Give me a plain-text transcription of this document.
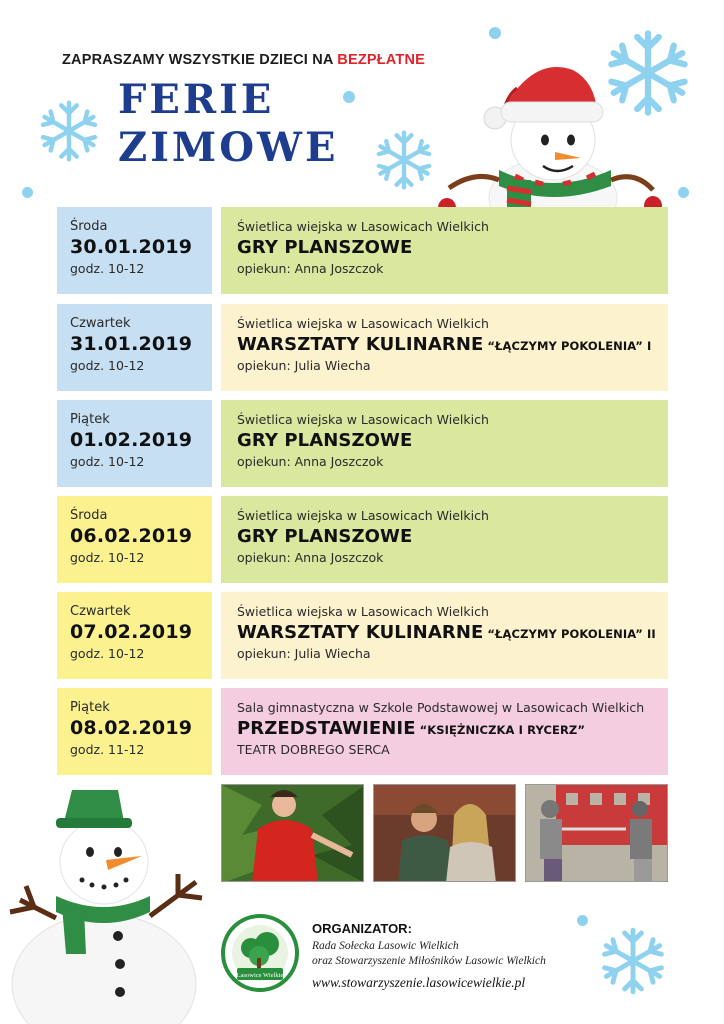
ZAPRASZAMY WSZYSTKIE DZIECI NA BEZPŁATNE
FERIE
ZIMOWE
Środa
30.01.2019
godz. 10-12
Świetlica wiejska w Lasowicach Wielkich
GRY PLANSZOWE
opiekun: Anna Joszczok
Czwartek
31.01.2019
godz. 10-12
Świetlica wiejska w Lasowicach Wielkich
WARSZTATY KULINARNE “ŁĄCZYMY POKOLENIA” I
opiekun: Julia Wiecha
Piątek
01.02.2019
godz. 10-12
Świetlica wiejska w Lasowicach Wielkich
GRY PLANSZOWE
opiekun: Anna Joszczok
Środa
06.02.2019
godz. 10-12
Świetlica wiejska w Lasowicach Wielkich
GRY PLANSZOWE
opiekun: Anna Joszczok
Czwartek
07.02.2019
godz. 10-12
Świetlica wiejska w Lasowicach Wielkich
WARSZTATY KULINARNE “ŁĄCZYMY POKOLENIA” II
opiekun: Julia Wiecha
Piątek
08.02.2019
godz. 11-12
Sala gimnastyczna w Szkole Podstawowej w Lasowicach Wielkich
PRZEDSTAWIENIE “KSIĘŻNICZKA I RYCERZ”
TEATR DOBREGO SERCA
Lasowice Wielkie
ORGANIZATOR:
Rada Sołecka Lasowic Wielkich
oraz Stowarzyszenie Miłośników Lasowic Wielkich
www.stowarzyszenie.lasowicewielkie.pl
